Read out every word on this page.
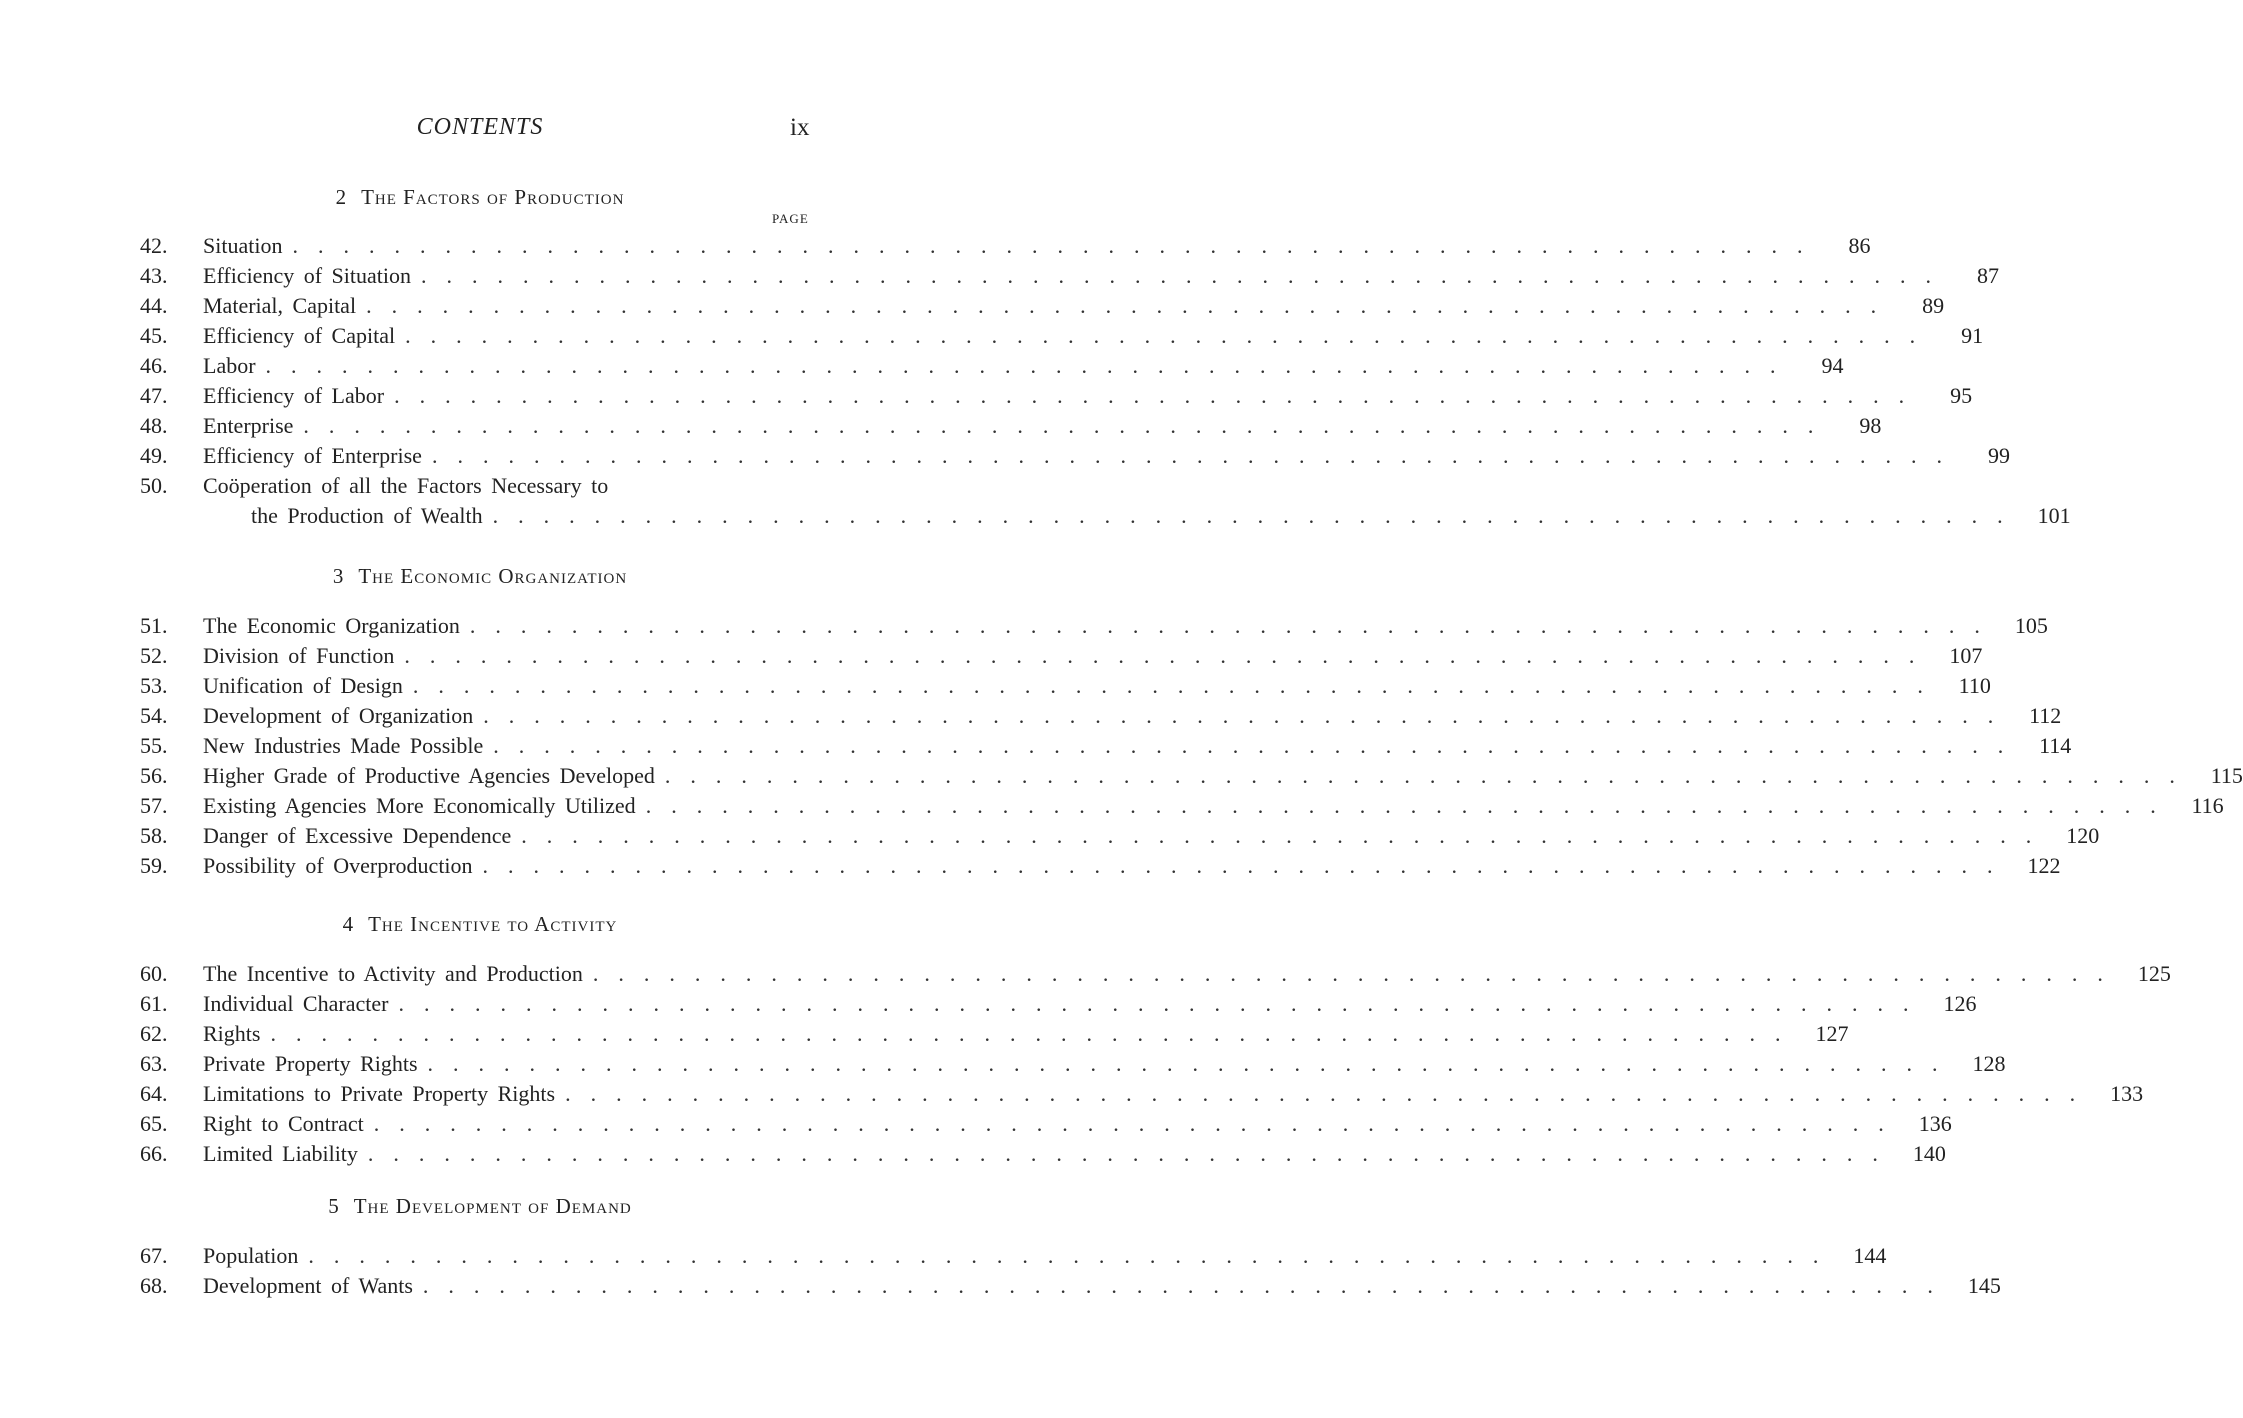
CONTENTS	ix
PAGE
2 The Factors of Production
42.	Situation ............................................................	86
43.	Efficiency of Situation ............................................................	87
44.	Material, Capital ............................................................	89
45.	Efficiency of Capital ............................................................	91
46.	Labor ............................................................	94
47.	Efficiency of Labor ............................................................	95
48.	Enterprise ............................................................	98
49.	Efficiency of Enterprise ............................................................	99
50.	Coöperation of all the Factors Necessary to
the Production of Wealth ............................................................ 101
3 The Economic Organization
51.	The Economic Organization ............................................................ 105
52.	Division of Function ............................................................ 107
53.	Unification of Design ............................................................ 110
54.	Development of Organization ............................................................ 112
55.	New Industries Made Possible ............................................................ 114
56.	Higher Grade of Productive Agencies Developed ............................................................ 115
57.	Existing Agencies More Economically Utilized ............................................................ 116
58.	Danger of Excessive Dependence ............................................................ 120
59.	Possibility of Overproduction ............................................................ 122
4 The Incentive to Activity
60.	The Incentive to Activity and Production ............................................................ 125
61.	Individual Character ............................................................ 126
62.	Rights ............................................................ 127
63.	Private Property Rights ............................................................ 128
64.	Limitations to Private Property Rights ............................................................ 133
65.	Right to Contract ............................................................ 136
66.	Limited Liability ............................................................ 140
5 The Development of Demand
67.	Population ............................................................ 144
68.	Development of Wants ............................................................ 145
